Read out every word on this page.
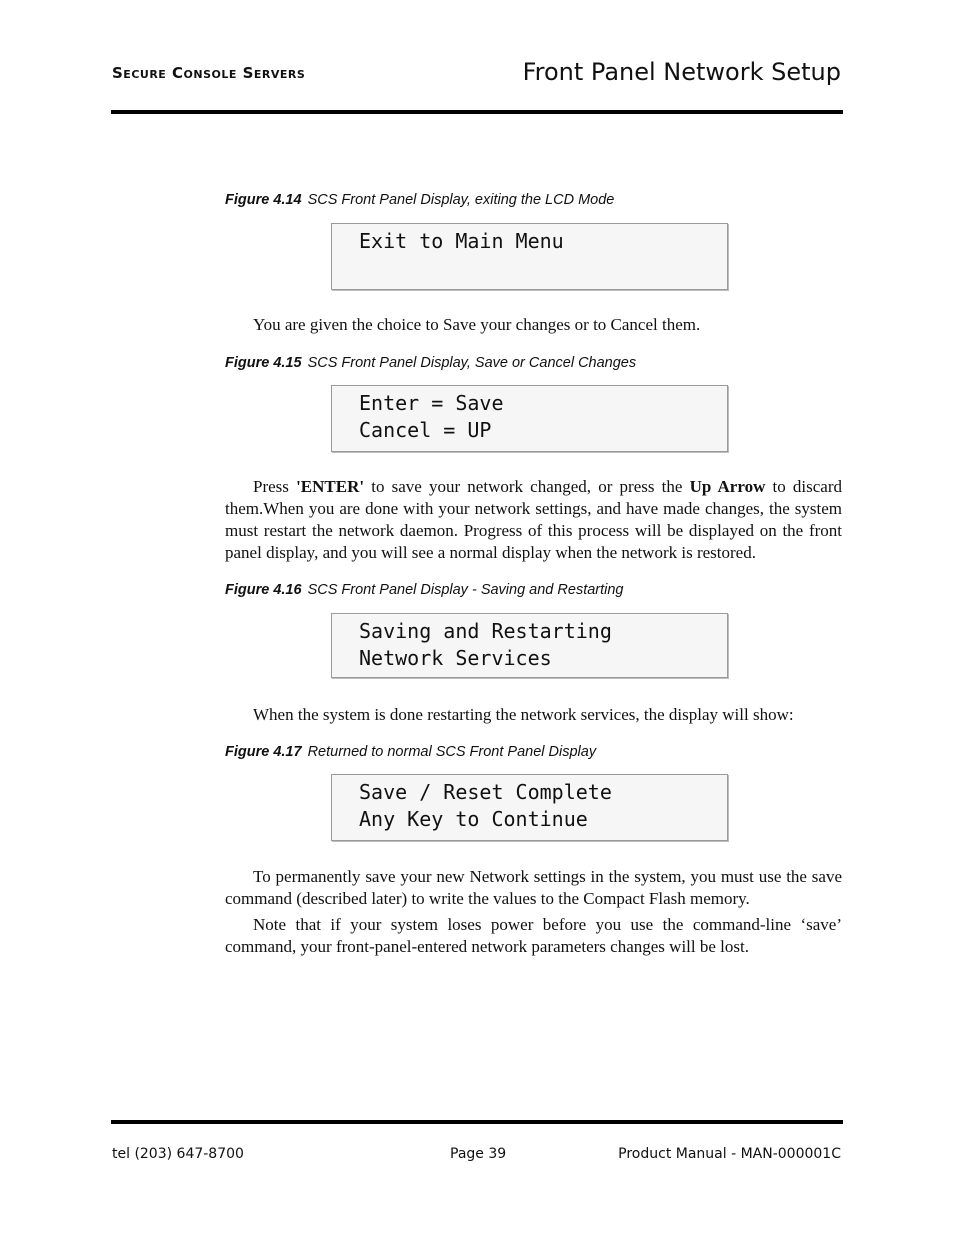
Secure Console Servers	Front Panel Network Setup
Figure 4.14 SCS Front Panel Display, exiting the LCD Mode
Exit to Main Menu

You are given the choice to Save your changes or to Cancel them.

Figure 4.15 SCS Front Panel Display, Save or Cancel Changes
Enter = Save
Cancel = UP

Press 'ENTER' to save your network changed, or press the Up Arrow to discard them.When you are done with your network settings, and have made changes, the system must restart the network daemon. Progress of this process will be displayed on the front panel display, and you will see a normal display when the network is restored.

Figure 4.16 SCS Front Panel Display - Saving and Restarting
Saving and Restarting
Network Services

When the system is done restarting the network services, the display will show:

Figure 4.17 Returned to normal SCS Front Panel Display
Save / Reset Complete
Any Key to Continue

To permanently save your new Network settings in the system, you must use the save command (described later) to write the values to the Compact Flash memory.

Note that if your system loses power before you use the command-line ‘save’ command, your front-panel-entered network parameters changes will be lost.

tel (203) 647-8700	Page 39	Product Manual - MAN-000001C
